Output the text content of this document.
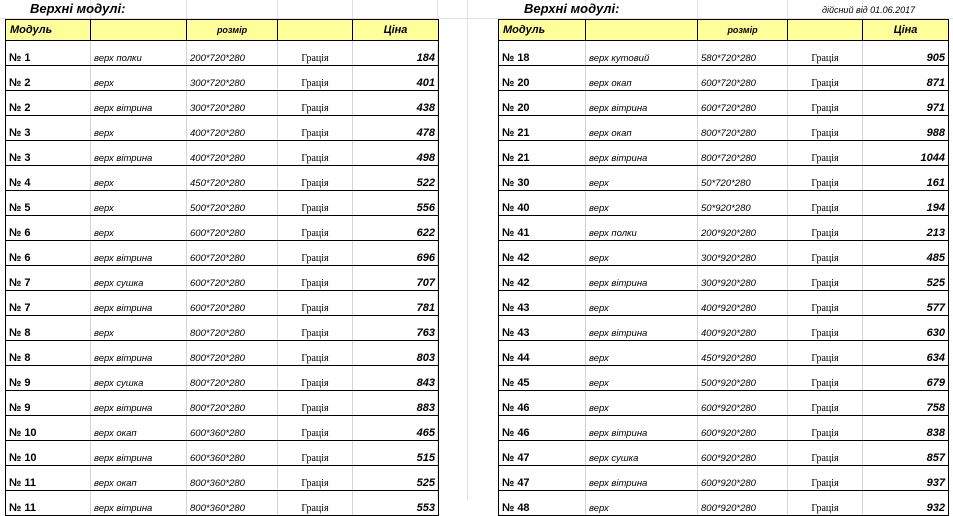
Верхні модулі:
Модуль		розмір		Ціна
№ 1	верх полки	200*720*280	Грація	184
№ 2	верх	300*720*280	Грація	401
№ 2	верх вітрина	300*720*280	Грація	438
№ 3	верх	400*720*280	Грація	478
№ 3	верх вітрина	400*720*280	Грація	498
№ 4	верх	450*720*280	Грація	522
№ 5	верх	500*720*280	Грація	556
№ 6	верх	600*720*280	Грація	622
№ 6	верх вітрина	600*720*280	Грація	696
№ 7	верх сушка	600*720*280	Грація	707
№ 7	верх вітрина	600*720*280	Грація	781
№ 8	верх	800*720*280	Грація	763
№ 8	верх вітрина	800*720*280	Грація	803
№ 9	верх сушка	800*720*280	Грація	843
№ 9	верх вітрина	800*720*280	Грація	883
№ 10	верх окап	600*360*280	Грація	465
№ 10	верх вітрина	600*360*280	Грація	515
№ 11	верх окап	800*360*280	Грація	525
№ 11	верх вітрина	800*360*280	Грація	553
Верхні модулі:	дійсний від 01.06.2017
Модуль		розмір		Ціна
№ 18	верх кутовий	580*720*280	Грація	905
№ 20	верх окап	600*720*280	Грація	871
№ 20	верх вітрина	600*720*280	Грація	971
№ 21	верх окап	800*720*280	Грація	988
№ 21	верх вітрина	800*720*280	Грація	1044
№ 30	верх	50*720*280	Грація	161
№ 40	верх	50*920*280	Грація	194
№ 41	верх полки	200*920*280	Грація	213
№ 42	верх	300*920*280	Грація	485
№ 42	верх вітрина	300*920*280	Грація	525
№ 43	верх	400*920*280	Грація	577
№ 43	верх вітрина	400*920*280	Грація	630
№ 44	верх	450*920*280	Грація	634
№ 45	верх	500*920*280	Грація	679
№ 46	верх	600*920*280	Грація	758
№ 46	верх вітрина	600*920*280	Грація	838
№ 47	верх сушка	600*920*280	Грація	857
№ 47	верх вітрина	600*920*280	Грація	937
№ 48	верх	800*920*280	Грація	932
